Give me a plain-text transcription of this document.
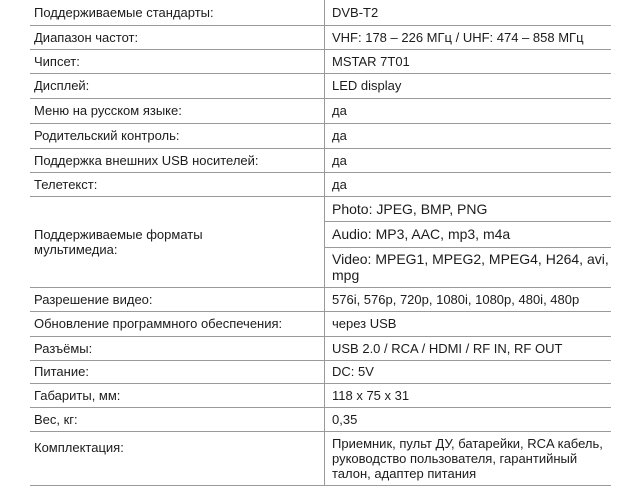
Поддерживаемые стандарты:	DVB-T2
Диапазон частот:	VHF: 178 – 226 МГц / UHF: 474 – 858 МГц
Чипсет:	MSTAR 7T01
Дисплей:	LED display
Меню на русском языке:	да
Родительский контроль:	да
Поддержка внешних USB носителей:	да
Телетекст:	да
Поддерживаемые форматы мультимедиа:	Photo: JPEG, BMP, PNG
Audio: MP3, AAC, mp3, m4a
Video: MPEG1, MPEG2, MPEG4, H264, avi, mpg

Разрешение видео:	576i, 576p, 720p, 1080i, 1080p, 480i, 480p
Обновление программного обеспечения:	через USB
Разъёмы:	USB 2.0 / RCA / HDMI / RF IN, RF OUT
Питание:	DC: 5V
Габариты, мм:	118 x 75 x 31
Вес, кг:	0,35
Комплектация:	Приемник, пульт ДУ, батарейки, RCA кабель, руководство пользователя, гарантийный талон, адаптер питания
